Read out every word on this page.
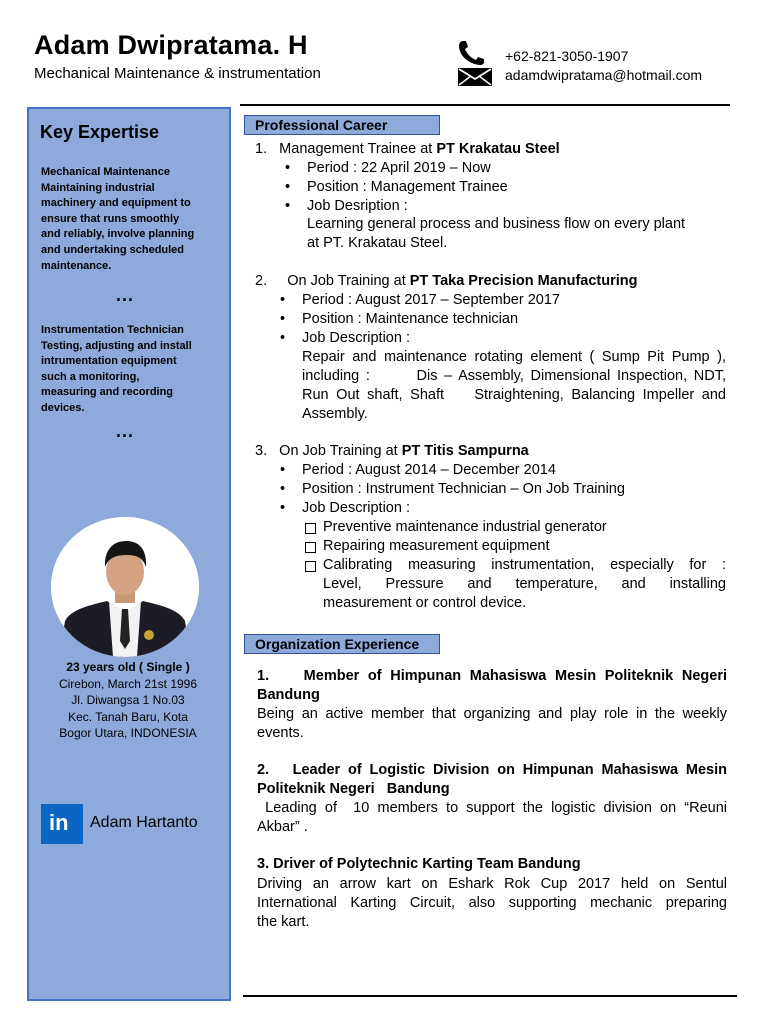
Adam Dwipratama. H
Mechanical Maintenance & instrumentation
+62-821-3050-1907
adamdwipratama@hotmail.com
Key Expertise
Mechanical Maintenance
Maintaining industrial
machinery and equipment to
ensure that runs smoothly
and reliably, involve planning
and undertaking scheduled
maintenance.
...
Instrumentation Technician
Testing, adjusting and install
intrumentation equipment
such a monitoring,
measuring and recording
devices.
...
23 years old ( Single )
Cirebon, March 21st 1996
Jl. Diwangsa 1 No.03
Kec. Tanah Baru, Kota
Bogor Utara, INDONESIA
in Adam Hartanto
Professional Career
1.   Management Trainee at PT Krakatau Steel
• Period : 22 April 2019 – Now
• Position : Management Trainee
• Job Desription :
Learning general process and business flow on every plant
at PT. Krakatau Steel.
2.     On Job Training at PT Taka Precision Manufacturing
• Period : August 2017 – September 2017
• Position : Maintenance technician
• Job Description :
Repair and maintenance rotating element ( Sump Pit Pump ),
including :       Dis – Assembly, Dimensional Inspection, NDT,
Run Out shaft, Shaft    Straightening, Balancing Impeller and
Assembly.
3.   On Job Training at PT Titis Sampurna
• Period : August 2014 – December 2014
• Position : Instrument Technician – On Job Training
• Job Description :
Preventive maintenance industrial generator
Repairing measurement equipment
Calibrating measuring instrumentation, especially for :
Level, Pressure and temperature, and installing
measurement or control device.
Organization Experience
1.    Member of Himpunan Mahasiswa Mesin Politeknik Negeri
Bandung
Being an active member that organizing and play role in the weekly
events.
2.   Leader of Logistic Division on Himpunan Mahasiswa Mesin
Politeknik Negeri   Bandung
Leading of  10 members to support the logistic division on “Reuni
Akbar” .
3. Driver of Polytechnic Karting Team Bandung
Driving an arrow kart on Eshark Rok Cup 2017 held on Sentul
International Karting Circuit, also supporting mechanic preparing
the kart.
